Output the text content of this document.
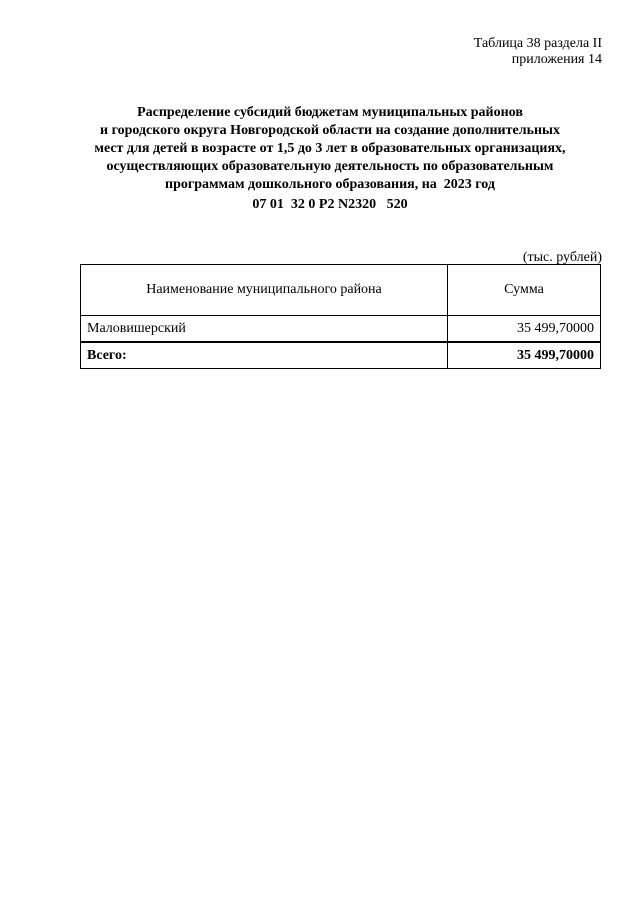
Таблица 38 раздела II
приложения 14
Распределение субсидий бюджетам муниципальных районов
и городского округа Новгородской области на создание дополнительных
мест для детей в возрасте от 1,5 до 3 лет в образовательных организациях,
осуществляющих образовательную деятельность по образовательным
программам дошкольного образования, на  2023 год
07 01  32 0 P2 N2320   520
(тыс. рублей)
Наименование муниципального района	Сумма
Маловишерский	35 499,70000
Всего:	35 499,70000
